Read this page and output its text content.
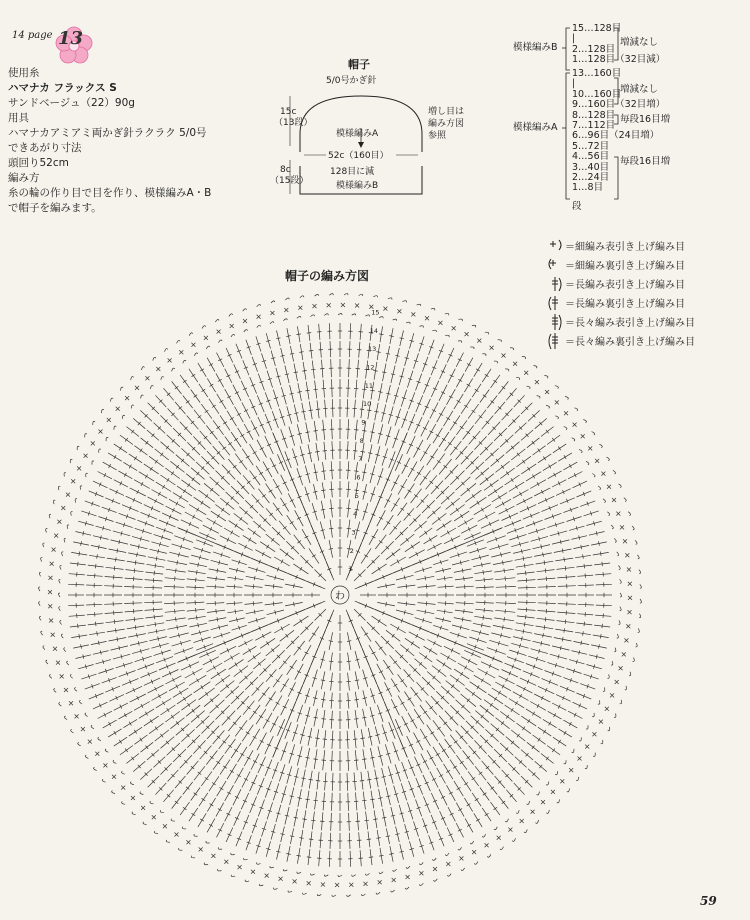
14 page 13
使用糸
ハマナカ フラックス S
サンドベージュ（22）90g
用具
ハマナカアミアミ両かぎ針ラクラク 5/0号
できあがり寸法
頭回り52cm
編み方
糸の輪の作り目で目を作り、模様編みA・B
で帽子を編みます。
帽子
5/0号かぎ針
15c
（13段）
模様編みA
52c（160目）
増し目は
編み方図
参照
128目に減
8c
（15段）	模様編みB
模様編みB
模様編みA
15…128目
|
2…128目
1…128目（32目減）
13…160目
|
10…160目
9…160目（32目増）
8…128目
7…112目
6…96目（24目増）
5…72目
4…56目
3…40目
2…24目
1…8目
増減なし
増減なし
毎段16目増
毎段16目増
段
＝細編み表引き上げ編み目
＝細編み裏引き上げ編み目
＝長編み表引き上げ編み目
＝長編み裏引き上げ編み目
＝長々編み表引き上げ編み目
＝長々編み裏引き上げ編み目
帽子の編み方図
わ
1
2
3
4
5
6
7
8
9
10
11
12
13
14
15
59
